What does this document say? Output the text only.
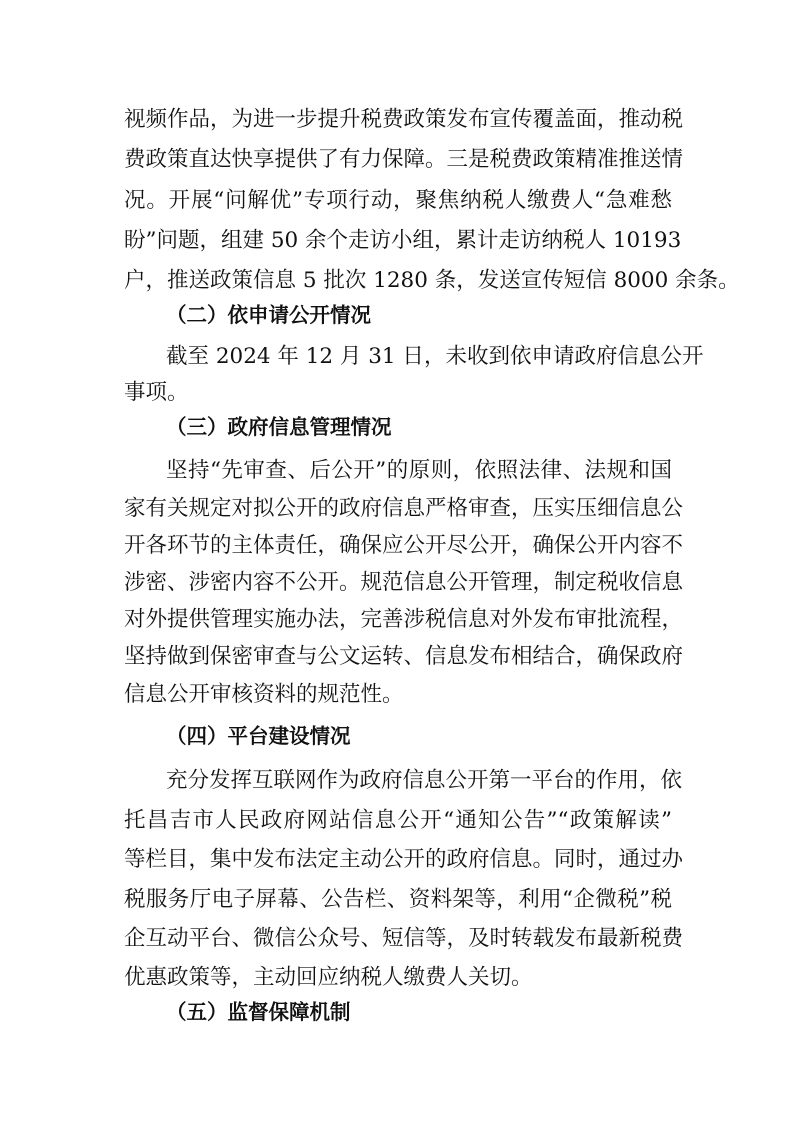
视频作品，为进一步提升税费政策发布宣传覆盖面，推动税
费政策直达快享提供了有力保障。三是税费政策精准推送情
况。开展“问解优”专项行动，聚焦纳税人缴费人“急难愁
盼”问题，组建 50 余个走访小组，累计走访纳税人 10193
户，推送政策信息 5 批次 1280 条，发送宣传短信 8000 余条。
（二）依申请公开情况
截至 2024 年 12 月 31 日，未收到依申请政府信息公开
事项。
（三）政府信息管理情况
坚持“先审查、后公开”的原则，依照法律、法规和国
家有关规定对拟公开的政府信息严格审查，压实压细信息公
开各环节的主体责任，确保应公开尽公开，确保公开内容不
涉密、涉密内容不公开。规范信息公开管理，制定税收信息
对外提供管理实施办法，完善涉税信息对外发布审批流程，
坚持做到保密审查与公文运转、信息发布相结合，确保政府
信息公开审核资料的规范性。
（四）平台建设情况
充分发挥互联网作为政府信息公开第一平台的作用，依
托昌吉市人民政府网站信息公开“通知公告”“政策解读”
等栏目，集中发布法定主动公开的政府信息。同时，通过办
税服务厅电子屏幕、公告栏、资料架等，利用“企微税”税
企互动平台、微信公众号、短信等，及时转载发布最新税费
优惠政策等，主动回应纳税人缴费人关切。
（五）监督保障机制
